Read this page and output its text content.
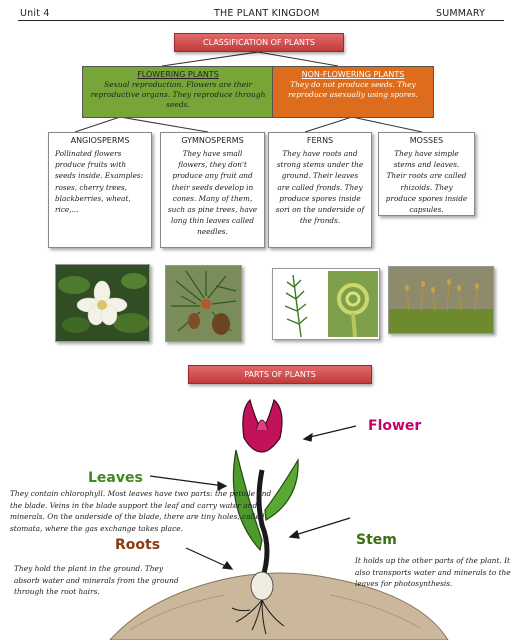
Unit 4	THE PLANT KINGDOM	SUMMARY
CLASSIFICATION OF PLANTS
FLOWERING PLANTS
Sexual reproduction. Flowers are their reproductive organs. They reproduce through seeds.
NON-FLOWERING PLANTS
They do not produce seeds. They reproduce asexually using spores.
ANGIOSPERMS
Pollinated flowers produce fruits with seeds inside. Examples: roses, cherry trees, blackberries, wheat, rice,...
GYMNOSPERMS
They have small flowers, they don't produce any fruit and their seeds develop in cones. Many of them, such as pine trees, have long thin leaves called needles.
FERNS
They have roots and strong stems under the ground. Their leaves are called fronds. They produce spores inside sori on the underside of the fronds.
MOSSES
They have simple stems and leaves. Their roots are called rhizoids. They produce spores inside capsules.
PARTS OF PLANTS
Flower
Leaves
They contain chlorophyll. Most leaves have two parts: the petiole and the blade. Veins in the blade support the leaf and carry water and minerals. On the underside of the blade, there are tiny holes, called stomata, where the gas exchange takes place.
Roots
They hold the plant in the ground. They absorb water and minerals from the ground through the root hairs.
Stem
It holds up the other parts of the plant. It also transports water and minerals to the leaves for photosynthesis.
